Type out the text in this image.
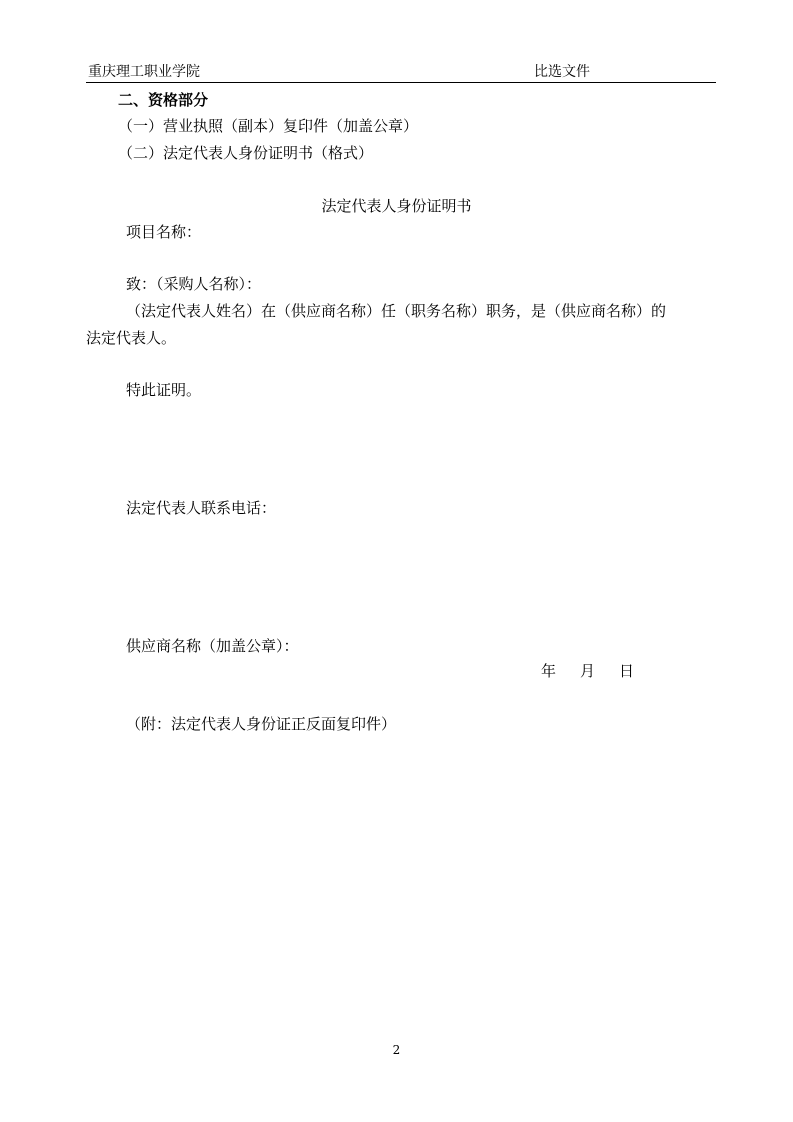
重庆理工职业学院	比选文件
二、资格部分
（一）营业执照（副本）复印件（加盖公章）
（二）法定代表人身份证明书（格式）
法定代表人身份证明书
项目名称：
致：（采购人名称）：
（法定代表人姓名）在（供应商名称）任（职务名称）职务，是（供应商名称）的
法定代表人。
特此证明。
法定代表人联系电话：
供应商名称（加盖公章）：
年 月 日
（附：法定代表人身份证正反面复印件）
2
